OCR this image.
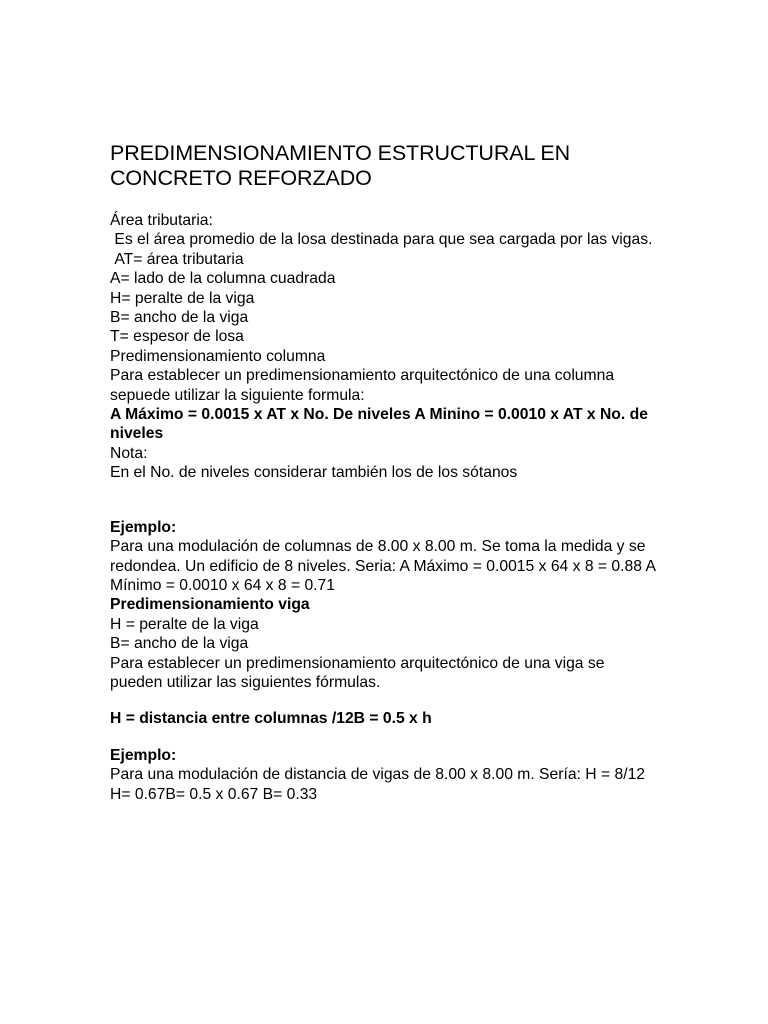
PREDIMENSIONAMIENTO ESTRUCTURAL EN CONCRETO REFORZADO

Área tributaria:
Es el área promedio de la losa destinada para que sea cargada por las vigas.
AT= área tributaria
A= lado de la columna cuadrada
H= peralte de la viga
B= ancho de la viga
T= espesor de losa
Predimensionamiento columna
Para establecer un predimensionamiento arquitectónico de una columna sepuede utilizar la siguiente formula:
A Máximo = 0.0015 x AT x No. De niveles A Minino = 0.0010 x AT x No. de niveles
Nota:
En el No. de niveles considerar también los de los sótanos

Ejemplo:
Para una modulación de columnas de 8.00 x 8.00 m. Se toma la medida y se redondea. Un edificio de 8 niveles. Seria: A Máximo = 0.0015 x 64 x 8 = 0.88 A Mínimo = 0.0010 x 64 x 8 = 0.71
Predimensionamiento viga
H = peralte de la viga
B= ancho de la viga
Para establecer un predimensionamiento arquitectónico de una viga se pueden utilizar las siguientes fórmulas.

H = distancia entre columnas /12B = 0.5 x h

Ejemplo:
Para una modulación de distancia de vigas de 8.00 x 8.00 m. Sería: H = 8/12 H= 0.67B= 0.5 x 0.67 B= 0.33
